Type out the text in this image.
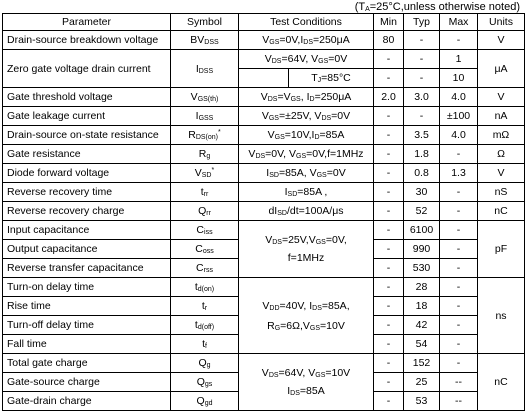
($T_A=25^\circ C,unless$ otherwise noted)
Parameter	Symbol	Test Conditions	Min	Typ	Max	Units
Drain-source breakdown voltage	$BV_{DSS}$	$V_{GS}=0V,I_{DS}=250\mu A$	80	-	-	V
Zero gate voltage drain current	$I_{DSS}$	$V_{DS}=64V$, $V_{GS}=0V$	-	-	1	μA

		$T_J=85^\circ C$	-	-	10	
Gate threshold voltage	$V_{GS(th)}$	$V_{DS}=V_{GS}$, $I_D=250\mu A$	2.0	3.0	4.0	V
Gate leakage current	$I_{GSS}$	$V_{GS}=\pm 25V$, $V_{DS}=0V$	-	-	±100	nA
Drain-source on-state resistance	$R_{DS(on)}^*$	$V_{GS}=10V,I_D=85A$	-	3.5	4.0	mΩ
Gate resistance	$R_g$	$V_{DS}=0V$, $V_{GS}=0V,f=1MHz$	-	1.8	-	Ω
Diode forward voltage	$V_{SD}^*$	$I_{SD}=85A$, $V_{GS}=0V$	-	0.8	1.3	V
Reverse recovery time	$t_{rr}$	$I_{SD}=85A$ ,	-	30	-	nS
Reverse recovery charge	$Q_{rr}$	$dI_{SD}/dt=100A/\mu s$	-	52	-	nC
Input capacitance	$C_{iss}$	$V_{DS}=25V,V_{GS}=0V$,
f=1MHz	-	6100	-	pF
Output capacitance	$C_{oss}$		-	990	-	
Reverse transfer capacitance	$C_{rss}$		-	530	-	
Turn-on delay time	$t_{d(on)}$	$V_{DD}=40V$, $I_{DS}=85A$,
$R_G=6\Omega,V_{GS}=10V$	-	28	-	ns
Rise time	$t_r$		-	18	-	
Turn-off delay time	$t_{d(off)}$		-	42	-	
Fall time	$t_f$		-	54	-	
Total gate charge	$Q_g$	$V_{DS}=64V$, $V_{GS}=10V$
$I_{DS}=85A$	-	152	-	nC
Gate-source charge	$Q_{gs}$		-	25	--	
Gate-drain charge	$Q_{gd}$		-	53	--	
